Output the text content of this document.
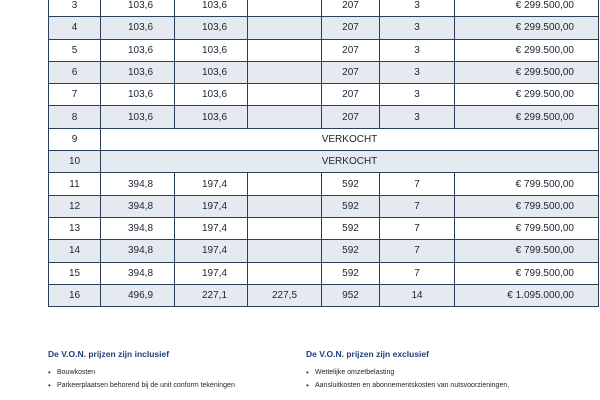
3	103,6	103,6		207	3	€ 299.500,00
4	103,6	103,6		207	3	€ 299.500,00
5	103,6	103,6		207	3	€ 299.500,00
6	103,6	103,6		207	3	€ 299.500,00
7	103,6	103,6		207	3	€ 299.500,00
8	103,6	103,6		207	3	€ 299.500,00
9	VERKOCHT					
10	VERKOCHT					
11	394,8	197,4		592	7	€ 799.500,00
12	394,8	197,4		592	7	€ 799.500,00
13	394,8	197,4		592	7	€ 799.500,00
14	394,8	197,4		592	7	€ 799.500,00
15	394,8	197,4		592	7	€ 799.500,00
16	496,9	227,1	227,5	952	14	€ 1.095.000,00
De V.O.N. prijzen zijn inclusief
• Bouwkosten
• Parkeerplaatsen behorend bij de unit conform tekeningen
De V.O.N. prijzen zijn exclusief
• Wettelijke omzetbelasting
• Aansluitkosten en abonnementskosten van nutsvoorzieningen,
